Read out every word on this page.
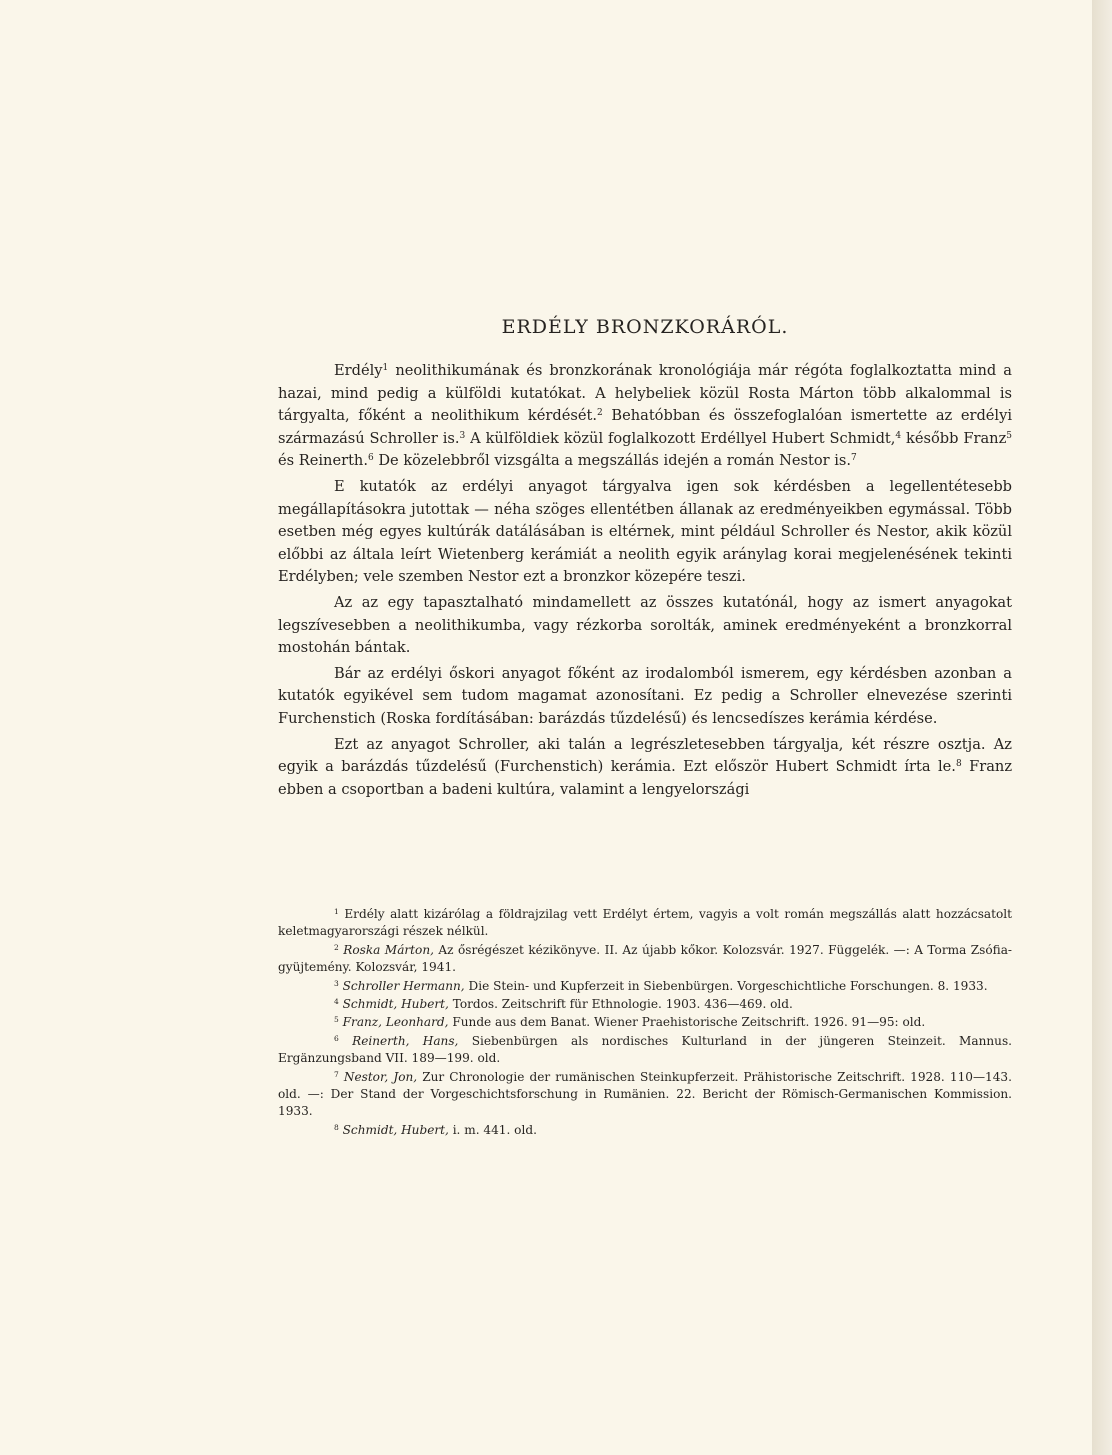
ERDÉLY BRONZKORÁRÓL.

Erdély$^1$ neolithikumának és bronzkorának kronológiája már régóta foglalkoztatta mind a hazai, mind pedig a külföldi kutatókat. A helybeliek közül Rosta Márton több alkalommal is tárgyalta, főként a neolithikum kérdését.$^2$ Behatóbban és összefoglalóan ismertette az erdélyi származású Schroller is.$^3$ A külföldiek közül foglalkozott Erdéllyel Hubert Schmidt,$^4$ később Franz$^5$ és Reinerth.$^6$ De közelebbről vizsgálta a megszállás idején a román Nestor is.$^7$

E kutatók az erdélyi anyagot tárgyalva igen sok kérdésben a legellentétesebb megállapításokra jutottak — néha szöges ellentétben állanak az eredményeikben egymással. Több esetben még egyes kultúrák datálásában is eltérnek, mint például Schroller és Nestor, akik közül előbbi az általa leírt Wietenberg kerámiát a neolith egyik aránylag korai megjelenésének tekinti Erdélyben; vele szemben Nestor ezt a bronzkor közepére teszi.

Az az egy tapasztalható mindamellett az összes kutatónál, hogy az ismert anyagokat legszívesebben a neolithikumba, vagy rézkorba sorolták, aminek eredményeként a bronzkorral mostohán bántak.

Bár az erdélyi őskori anyagot főként az irodalomból ismerem, egy kérdésben azonban a kutatók egyikével sem tudom magamat azonosítani. Ez pedig a Schroller elnevezése szerinti Furchenstich (Roska fordításában: barázdás tűzdelésű) és lencsedíszes kerámia kérdése.

Ezt az anyagot Schroller, aki talán a legrészletesebben tárgyalja, két részre osztja. Az egyik a barázdás tűzdelésű (Furchenstich) kerámia. Ezt először Hubert Schmidt írta le.$^8$ Franz ebben a csoportban a badeni kultúra, valamint a lengyelországi

$^1$ Erdély alatt kizárólag a földrajzilag vett Erdélyt értem, vagyis a volt román megszállás alatt hozzácsatolt keletmagyarországi részek nélkül.

$^2$ Roska Márton, Az ősrégészet kézikönyve. II. Az újabb kőkor. Kolozsvár. 1927. Függelék. —: A Torma Zsófia-gyüjtemény. Kolozsvár, 1941.

$^3$ Schroller Hermann, Die Stein- und Kupferzeit in Siebenbürgen. Vorgeschichtliche Forschungen. 8. 1933.

$^4$ Schmidt, Hubert, Tordos. Zeitschrift für Ethnologie. 1903. 436—469. old.

$^5$ Franz, Leonhard, Funde aus dem Banat. Wiener Praehistorische Zeitschrift. 1926. 91—95: old.

$^6$ Reinerth, Hans, Siebenbürgen als nordisches Kulturland in der jüngeren Steinzeit. Mannus. Ergänzungsband VII. 189—199. old.

$^7$ Nestor, Jon, Zur Chronologie der rumänischen Steinkupferzeit. Prähistorische Zeitschrift. 1928. 110—143. old. —: Der Stand der Vorgeschichtsforschung in Rumänien. 22. Bericht der Römisch-Germanischen Kommission. 1933.

$^8$ Schmidt, Hubert, i. m. 441. old.
